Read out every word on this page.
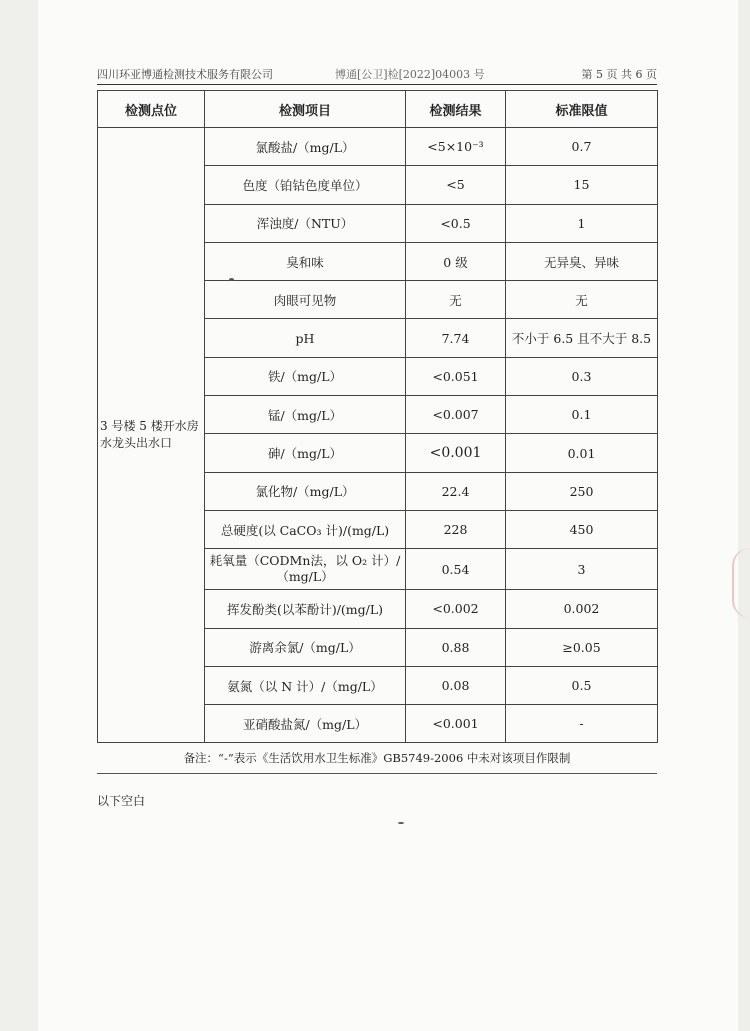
四川环亚博通检测技术服务有限公司	博通[公卫]检[2022]04003 号	第 5 页 共 6 页
检测点位	检测项目	检测结果	标准限值
3 号楼 5 楼开水房水龙头出水口	氯酸盐/（mg/L）	<5×10⁻³	0.7
	色度（铂钴色度单位）	<5	15
	浑浊度/（NTU）	<0.5	1
	臭和味	0 级	无异臭、异味
	肉眼可见物	无	无
	pH	7.74	不小于 6.5 且不大于 8.5
	铁/（mg/L）	<0.051	0.3
	锰/（mg/L）	<0.007	0.1
	砷/（mg/L）	<0.001	0.01
	氯化物/（mg/L）	22.4	250
	总硬度(以 CaCO₃ 计)/(mg/L)	228	450
	耗氧量（CODMn法，以 O₂ 计）/（mg/L）	0.54	3
	挥发酚类(以苯酚计)/(mg/L)	<0.002	0.002
	游离余氯/（mg/L）	0.88	≥0.05
	氨氮（以 N 计）/（mg/L）	0.08	0.5
	亚硝酸盐氮/（mg/L）	<0.001	-
备注：“-”表示《生活饮用水卫生标准》GB5749-2006 中未对该项目作限制
以下空白
